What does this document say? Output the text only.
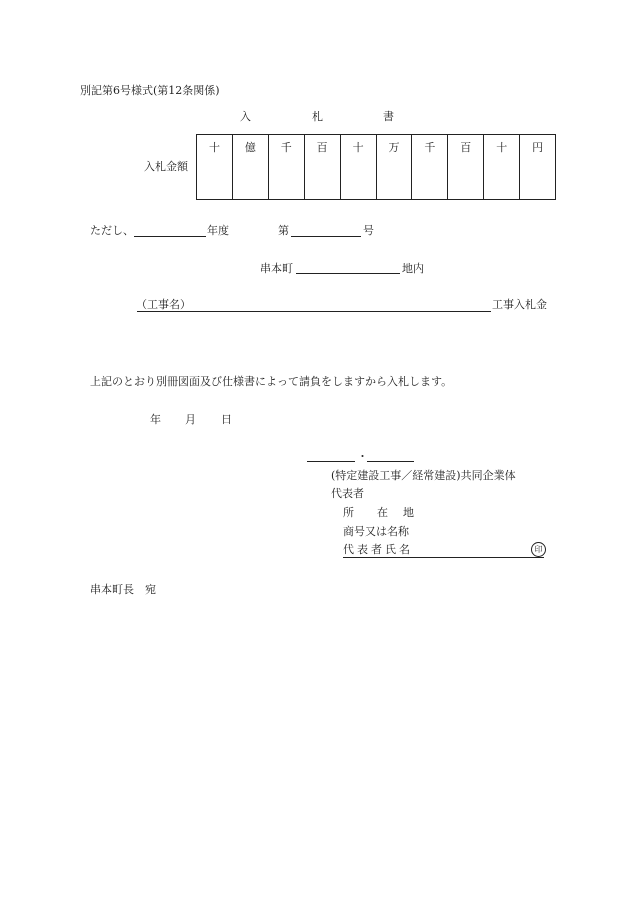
別記第6号様式(第12条関係)
入	札	書
入札金額
十	億	千	百	十	万	千	百	十	円
ただし、	年度	第	号
串本町	地内
（工事名）	工事入札金
上記のとおり別冊図面及び仕様書によって請負をしますから入札します。
年 月 日
・
(特定建設工事／経常建設)共同企業体
代表者
所 在 地
商号又は名称
代表者氏名	印
串本町長　宛
